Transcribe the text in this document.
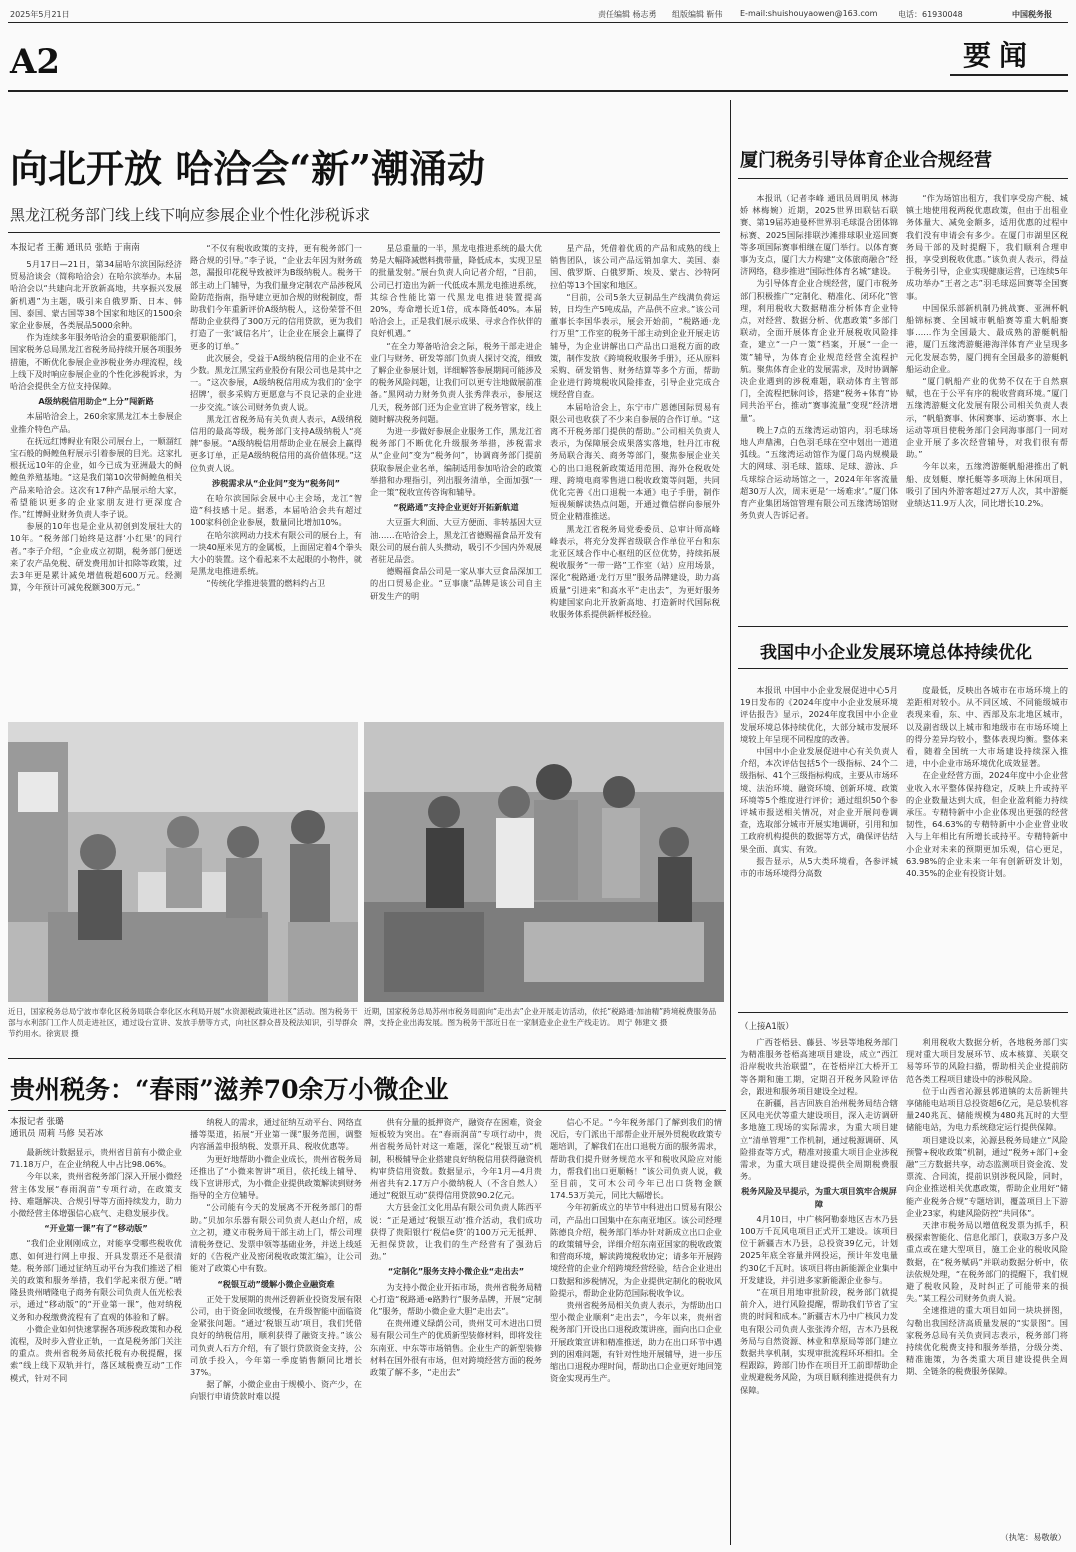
2025年5月21日	责任编辑 杨志勇 组版编辑 靳伟 E-mail:shuishouyaowen@163.com	电话：61930048	中国税务报
A2	要闻
向北开放 哈洽会“新”潮涌动
黑龙江税务部门线上线下响应参展企业个性化涉税诉求
本报记者 王蘅 通讯员 张皓 于南南

5月17日—21日，第34届哈尔滨国际经济贸易洽谈会（简称哈洽会）在哈尔滨举办。本届哈洽会以“共建向北开放新高地，共享振兴发展新机遇”为主题，吸引来自俄罗斯、日本、韩国、泰国、蒙古国等38个国家和地区的1500余家企业参展，各类展品5000余种。

作为连续多年服务哈洽会的重要职能部门，国家税务总局黑龙江省税务局持续开展各项服务措施，不断优化参展企业涉税业务办理流程，线上线下及时响应参展企业的个性化涉税诉求，为哈洽会提供全方位支持保障。

A级纳税信用助企“上分”闯新路

本届哈洽会上，260余家黑龙江本土参展企业推介特色产品。

在抚远红博鲟业有限公司展台上，一顺溜红宝石般的鲟鳇鱼籽展示引着参展的目光。这家扎根抚远10年的企业，如今已成为亚洲最大的鲟鳇鱼养殖基地。“这是我们第10次带鲟鳇鱼相关产品来哈洽会。这次有17种产品展示给大家，希望能识更多的企业家朋友进行更深度合作。”红博鲟业财务负责人李子说。

参展的10年也是企业从初创到发展壮大的10年。“税务部门始终是这群‘小红果’的同行者。”李子介绍，“企业成立初期，税务部门便送来了农产品免税、研发费用加计扣除等政策，过去3年更是累计减免增值税超600万元。经测算，今年预计可减免税额300万元。”

“不仅有税收政策的支持，更有税务部门一路合规的引导。”李子说，“企业去年因为财务疏忽，漏报印花税导致被评为B级纳税人。税务干部主动上门辅导，为我们量身定制农产品涉税风险防范指南，指导建立更加合规的财税制度，帮助我们今年重新评价A级纳税人，这份荣誉不但帮助企业获得了300万元的信用贷款，更为我们打造了一张‘诚信名片’，让企业在展会上赢得了更多的订单。”

此次展会，受益于A级纳税信用的企业不在少数。黑龙江黑宝药业股份有限公司也是其中之一。“这次参展，A级纳税信用成为我们的‘金字招牌’，很多采购方更愿意与不良记录的企业进一步交流。”该公司财务负责人说。

黑龙江省税务局有关负责人表示，A级纳税信用的最高等级，税务部门支持A级纳税人“亮牌”参展。“A级纳税信用帮助企业在展会上赢得更多订单，正是A级纳税信用的高价值体现。”这位负责人说。

涉税需求从“企业问”变为“税务问”

在哈尔滨国际会展中心主会场，龙江“智造”科技感十足。据悉，本届哈洽会共有超过100家科创企业参展，数量同比增加10%。

在哈尔滨网动力技术有限公司的展台上，有一块40厘米见方的金属板，上面固定着4个拳头大小的装置。这个看起来不太起眼的小物件，就是黑龙电推进系统。

“传统化学推进装置的燃料约占卫

星总重量的一半，黑龙电推进系统的最大优势是大幅降减燃料携带量，降低成本，实现卫星的批量发射。”展台负责人向记者介绍，“目前，公司已打造出为新一代低成本黑龙电推进系统，其综合性能比第一代黑龙电推进装置提高20%，寿命增长近1倍，成本降低40%。本届哈洽会上，正是我们展示成果、寻求合作伙伴的良好机遇。”

“在全力筹备哈洽会之际，税务干部走进企业门与财务、研发等部门负责人探讨交流，细致了解企业参展计划，详细解答参展期间可能涉及的税务风险问题，让我们可以更专注地做展前准备。”黑网动力财务负责人张秀萍表示，参展这几天，税务部门还为企业宣讲了税务管家，线上随时解决税务问题。

为进一步做好参展企业服务工作，黑龙江省税务部门不断优化升级服务举措，涉税需求从“企业问”变为“税务问”，协调商务部门提前获取参展企业名单，编制适用参加哈洽会的政策举措和办理指引，列出服务清单，全面加强“一企一策”税收宣传咨询和辅导。

“税路通”支持企业更好开拓新航道

大豆蛋大利面、大豆方便面、非转基因大豆油……在哈洽会上，黑龙江省德赐福食品开发有限公司的展台前人头攒动，吸引不少国内外观展者驻足品尝。

德赐福食品公司是一家从事大豆食品深加工的出口贸易企业。“豆事康”品牌是该公司自主研发生产的明

星产品，凭借着优质的产品和成熟的线上销售团队，该公司产品远销加拿大、美国、泰国、俄罗斯、白俄罗斯、埃及、蒙古、沙特阿拉伯等13个国家和地区。

“目前，公司5条大豆制品生产线满负荷运转，日均生产5吨成品，产品供不应求。”该公司董事长李国华表示，展会开始前，“税路通·龙行万里”工作室的税务干部主动到企业开展走访辅导，为企业讲解出口产品出口退税方面的政策，制作发放《跨境税收服务手册》，还从原料采购、研发销售、财务结算等多个方面，帮助企业进行跨境税收风险排查，引导企业完成合规经营自查。

本届哈洽会上，东宁市广恩德国际贸易有限公司也收获了不少来自参展的合作订单。“这离不开税务部门提供的帮助。”公司相关负责人表示，为保障展会成果落实落地，牡丹江市税务局联合海关、商务等部门，聚焦参展企业关心的出口退税新政策适用范围、海外仓税收处理、跨境电商零售进口税收政策等问题，共同优化完善《出口退税一本通》电子手册，制作短视频解读热点问题，开通过微信群向参展外贸企业精准推送。

黑龙江省税务局党委委员、总审计师高峰峰表示，将充分发挥省级联合作单位平台和东北亚区域合作中心枢纽的区位优势，持续拓展税收服务“一带一路”工作室（站）应用场景，深化“税路通·龙行万里”服务品牌建设，助力高质量“引进来”和高水平“走出去”，为更好服务构建国家向北开放新高地、打造新时代国际税收服务体系提供新样板经验。

厦门税务引导体育企业合规经营

本报讯（记者李峰 通讯员周明凤 林海娇 林梅婉）近期，2025世界田联钻石联赛、第19届苏迪曼杯世界羽毛球混合团体锦标赛、2025国际排联沙滩排球职业巡回赛等多项国际赛事相继在厦门举行。以体育赛事为支点，厦门大力构建“文体旅商融合”经济网络，稳步推进“国际性体育名城”建设。

为引导体育企业合规经营，厦门市税务部门积极推广“定制化、精准化、闭环化”管理，利用税收大数据精准分析体育企业特点，对经营、数据分析、优惠政策”多部门联动，全面开展体育企业开展税收风险排查，建立“一户一策”档案，开展“一企一策”辅导，为体育企业规范经营全流程护航。聚焦体育企业的发展需求，及时协调解决企业遇到的涉税难题，联动体育主管部门，全流程把脉问诊，搭建“税务+体育”协同共治平台，推动“赛事流量”变现“经济增量”。

晚上7点的五缘湾运动馆内，羽毛球场地人声鼎沸，白色羽毛球在空中划出一道道弧线。“五缘湾运动馆作为厦门岛内规模最大的网球、羽毛球、篮球、足球、游泳、乒乓球综合运动场馆之一，2024年年客流量超30万人次，周末更是‘一场难求’。”厦门体育产业集团场馆管理有限公司五缘湾场馆财务负责人告诉记者。

“作为场馆出租方，我们享受房产税、城镇土地使用税两税优惠政策，但由于出租业务体量大、减免金额多，适用优惠的过程中我们没有申请会有多少。在厦门市湖里区税务局干部的及时提醒下，我们顺利合理申报，享受到税收优惠。”该负责人表示，得益于税务引导，企业实现健康运营，已连续5年成功举办“王者之志”羽毛球巡回赛等全国赛事。

中国保乐部新机制乃挑战赛、亚洲杯帆船锦标赛、全国城市帆船赛等重大帆船赛事……作为全国最大、最成熟的游艇帆船港，厦门五缘湾游艇港海洋体育产业呈现多元化发展态势，厦门拥有全国最多的游艇帆船运动企业。

“厦门帆船产业的优势不仅在于自然禀赋，也在于公平有序的税收营商环境。”厦门五缘湾游艇文化发展有限公司相关负责人表示，“帆船赛事、休闲赛事、运动赛事、水上运动等项目使税务部门会同海事部门一同对企业开展了多次经营辅导，对我们很有帮助。”

今年以来，五缘湾游艇帆船港推出了帆船、皮划艇、摩托艇等多项海上休闲项目，吸引了国内外游客超过27万人次，其中游艇业绩达11.9万人次，同比增长10.2%。

我国中小企业发展环境总体持续优化

本报讯 中国中小企业发展促进中心5月19日发布的《2024年度中小企业发展环境评估报告》显示，2024年度我国中小企业发展环境总体持续优化，大部分城市发展环境较上年呈现不同程度的改善。

中国中小企业发展促进中心有关负责人介绍，本次评估包括5个一级指标、24个二级指标、41个三级指标构成，主要从市场环境、法治环境、融资环境、创新环境、政策环境等5个维度进行评价；通过组织50个参评城市报送相关情况，对企业开展问卷调查，选取部分城市开展实地调研，引用和加工政府机构提供的数据等方式，确保评估结果全面、真实、有效。

报告显示，从5大类环境看，各参评城市的市场环境得分高数

度最低，反映出各城市在市场环境上的差距相对较小。从不同区域、不同能级城市表现来看，东、中、西部及东北地区城市，以及副省级以上城市和地级市在市场环境上的得分差异均较小，整体表现均衡。整体来看，随着全国统一大市场建设持续深入推进，中小企业市场环境优化成效显著。

在企业经营方面，2024年度中小企业营业收入水平整体保持稳定，反映上升或持平的企业数量达到大成，但企业盈利能力持续承压。专精特新中小企业体现出更强的经营韧性，64.63%的专精特新中小企业营业收入与上年相比有所增长或持平。专精特新中小企业对未来的预期更加乐观，信心更足，63.98%的企业未来一年有创新研发计划，40.35%的企业有投资计划。

近日，国家税务总局宁波市奉化区税务局联合奉化区水利局开展“水资源税政策进社区”活动。图为税务干部与水利部门工作人员走进社区，通过设台宣讲、发放手册等方式，向社区群众普及税法知识，引导群众节约用水。徐寅辰 摄
近期，国家税务总局苏州市税务局面向“走出去”企业开展走访活动，依托“税路通·加油精”跨境税费服务品牌，支持企业出海发展。图为税务干部近日在一家制造业企业生产线走访。 周宁 韩建文 摄
贵州税务：“春雨”滋养70余万小微企业
本报记者 张璐
通讯员 周莉 马修 吴若冰

最新统计数据显示，贵州省目前有小微企业71.18万户，在企业纳税人中占比98.06%。

今年以来，贵州省税务部门深入开展小微经营主体发展“春雨润苗”专项行动，在政策支持、难题解决、合规引导等方面持续发力，助力小微经营主体增强信心底气、走稳发展步伐。

“开业第一课”有了“移动版”

“我们企业刚刚成立，对能享受哪些税收优惠、如何进行网上申报、开具发票还不是很清楚。税务部门通过征纳互动平台为我们推送了相关的政策和服务举措，我们学起来很方便。”晴隆县贵州晴隆电子商务有限公司负责人伍光松表示，通过“移动版”的“开业第一课”，他对纳税义务和办税缴费流程有了直观的体验和了解。

小微企业如何快速掌握各项涉税政策和办税流程，及时步入营业正轨，一直是税务部门关注的重点。贵州省税务局依托税有办税提醒，探索“线上线下双轨并行，落区域税费互动”工作模式，针对不同

纳税人的需求，通过征纳互动平台、网络直播等渠道，拓展“开业第一课”服务范围，调整内容涵盖申报纳税、发票开具、税收优惠等。

为更好地帮助小微企业成长，贵州省税务局还推出了“小微来智讲”项目，依托线上辅导、线下宣讲形式，为小微企业提供政策解读到财务指导的全方位辅导。

“公司能有今天的发展离不开税务部门的帮助。”贝加尔乐器有限公司负责人赵山介绍，成立之初，遵义市税务局干部主动上门，帮公司理清税务登记、发票申领等基础业务，并送上线延好的《告税产业及密闭税收政策汇编》，让公司能对了政策心中有数。

“税银互动”缓解小微企业融资难

正处于发展期的贵州泛碧新业投资发展有限公司，由于资金回收缓慢，在升级智能中面临资金紧张问题。“通过‘税银互动’项目，我们凭借良好的纳税信用，顺利获得了融资支持。”该公司负责人石方介绍，有了银行贷款资金支持，公司放手投入，今年第一季度销售额同比增长37%。

据了解，小微企业由于规模小、资产少，在向银行申请贷款时难以提

供有分量的抵押资产，融资存在困难，资金短板较为突出。在“春雨润苗”专项行动中，贵州省税务局针对这一难题，深化“税银互动”机制，积极辅导企业搭建良好纳税信用获得融资机构审贷信用资数。数据显示，今年1月—4月贵州省共有2.17万户小微纳税人（不含自然人）通过“税银互动”获得信用贷款90.2亿元。

大方县金江文化用品有限公司负责人陈西平说：“正是通过‘税银互动’推介活动，我们成功获得了贵阳银行‘税信e贷’的100万元无抵押、无担保贷款，让我们的生产经营有了强劲后劲。”

“定制化”服务支持小微企业“走出去”

为支持小微企业开拓市场，贵州省税务局精心打造“税路通·e路黔行”服务品牌，开展“定制化”服务，帮助小微企业大胆“走出去”。

在贵州遵义绿荫公司，贵州艾可木进出口贸易有限公司生产的优质新型装修材料，即将发往东南亚、中东等市场销售。企业生产的新型装修材料在国外很有市场，但对跨境经营方面的税务政策了解不多，“走出去”

信心不足。“今年税务部门了解到我们的情况后，专门派出干部帮企业开展外贸税收政策专题培训，了解我们在出口退税方面的服务需求，帮助我们提升财务规范水平和税收风险应对能力，帮我们出口更顺畅！”该公司负责人说，截至目前，艾可木公司今年已出口货物金额174.53万美元，同比大幅增长。

今年初新成立的毕节中科进出口贸易有限公司，产品出口国集中在东南亚地区。该公司经理陈德良介绍，税务部门举办针对新成立出口企业的政策辅导会，详细介绍东南亚国家的税收政策和营商环境，解读跨境税收协定；请多年开展跨境经营的企业介绍跨境经营经验，结合企业进出口数据和涉税情况，为企业提供定制化的税收风险提示，帮助企业防范国际税收争议。

贵州省税务局相关负责人表示，为帮助出口型小微企业顺利“走出去”，今年以来，贵州省税务部门开设出口退税政策讲座，面向出口企业开展政策宣讲和精准推送，助力在出口环节中遇到的困难问题，有针对性地开展辅导，进一步压缩出口退税办理时间，帮助出口企业更好地回笼资金实现再生产。

（上接A1版）

广西苍梧县、藤县、岑县等地税务部门为精准服务苍梧高速项目建设，成立“西江沿岸税收共治联盟”，在苍梧岸江大桥开工等各期和施工期，定期召开税务风险评估会，跟进和服务项目建设全过程。

在新疆，昌吉回族自治州税务局结合辖区风电光伏等重大建设项目，深入走访调研多地施工现场的实际需求，为重大项目建立“清单管理”工作机制，通过税源调研、风险排查等方式，精准对接重大项目企业涉税需求，为重大项目建设提供全周期税费服务。

税务风险及早提示，为重大项目筑牢合规屏障

4月10日，中广核阿勒泰地区吉木乃县100万千瓦风电项目正式开工建设。该项目位于新疆吉木乃县，总投资39亿元，计划2025年底全容量并网投运，预计年发电量约30亿千瓦时。该项目将由新能源企业集中开发建设，并引进多家新能源企业参与。

“在项目用地审批阶段，税务部门就提前介入，进行风险提醒，帮助我们节省了宝贵的时间和成本。”新疆吉木乃中广核风力发电有限公司负责人张张涛介绍，吉木乃县税务局与自然资源、林业和草原局等部门建立数据共享机制，实现审批流程环环相扣。全程跟踪，跨部门协作在项目开工前即帮助企业规避税务风险，为项目顺利推进提供有力保障。

利用税收大数据分析，各地税务部门实现对重大项目发展环节、成本核算、关联交易等环节的风险扫描，帮助相关企业提前防范各类工程项目建设中的涉税风险。

位于山西省沁源县郭道镇的太岳新锂共享储能电站项目总投资超6亿元，是总装机容量240兆瓦、储能规模为480兆瓦时的大型储能电站，为电力系统稳定运行提供保障。

项目建设以来，沁源县税务局建立“风险预警+税收政策”机制，通过“税务+部门+金融”三方数据共享，动态监测项目资金流、发票流、合同流，提前识别涉税风险，同时，向企业推送相关优惠政策，帮助企业用好“储能产业税务合规”专题培训，覆盖项目上下游企业23家，构建风险防控“共同体”。

天津市税务局以增值税发票为抓手，积极探索智能化、信息化部门，获取3万多户及重点或在建大型项目，施工企业的税收风险数据，在“税务赋码”并联动数据分析中，依法依规处理，“在税务部门的提醒下，我们规避了税收风险，及时纠正了可能带来的损失。”某工程公司财务负责人说。

全速推进的重大项目如同一块块拼图，勾勒出我国经济高质量发展的“实景图”。国家税务总局有关负责同志表示，税务部门将持续优化税费支持和服务举措，分级分类、精准施策，为各类重大项目建设提供全周期、全链条的税费服务保障。

（执笔：易敬敏）
